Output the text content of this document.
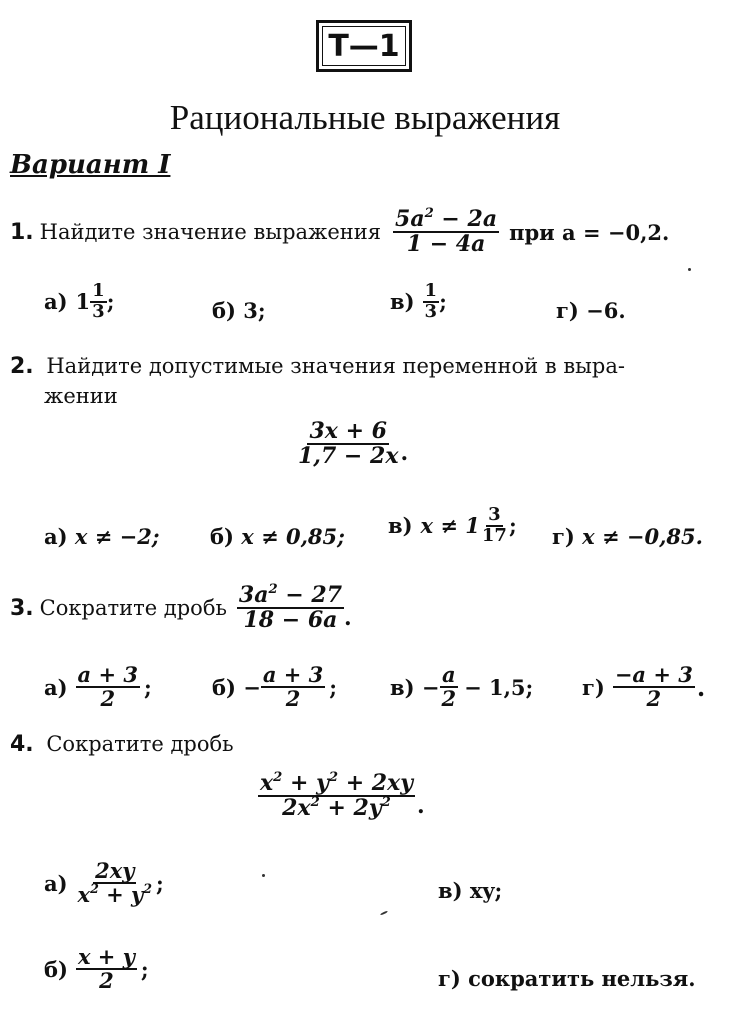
Т—1
Рациональные выражения
Вариант I
1. Найдите значение выражения $\frac{5a^2 - 2a}{1 - 4a}$ при a = −0,2.
а) $1 \frac{1}{3}$ ;	б) 3;	$в) \frac{1}{3}$ ;	г) −6.
2. Найдите допустимые значения переменной в выра-
жении
$\frac{3x + 6}{1,7 - 2x}$ .
а) x ≠ −2; б) x ≠ 0,85; в) $x \ne 1 \frac{3}{17}$ ; г) x ≠ −0,85.
3. Сократите дробь $\frac{3a^2 - 27}{18 - 6a}$ .
$а) \frac{a + 3}{2}$ ;	$б) - \frac{a + 3}{2}$ ;	$в) - \frac{a}{2} - 1,5$; $г) \frac{-a + 3}{2}$ .
4. Сократите дробь
$\frac{x^2 + y^2 + 2xy}{2x^2 + 2y^2}$ .
$а) \frac{2xy}{x^2 + y^2}$ ;	в) xy;
$б) \frac{x + y}{2}$ ;	г) сократить нельзя.
